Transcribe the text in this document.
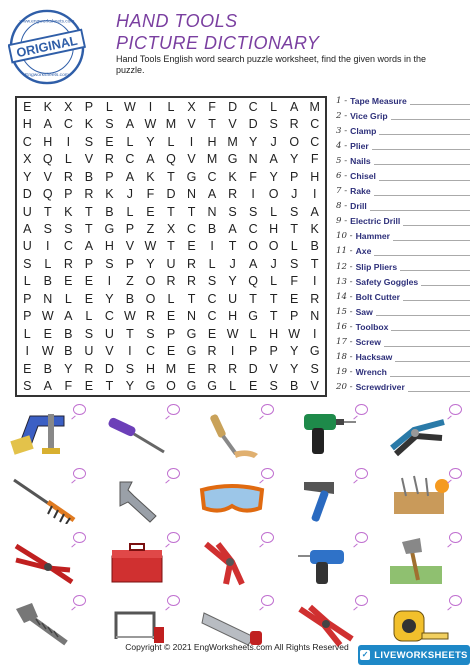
ORIGINAL
www.engworksheets.com
Engworksheets.com
HAND TOOLS
PICTURE DICTIONARY
Hand Tools English word search puzzle worksheet, find the given words in the puzzle.
E K X P	L W	I	L	X	F D C	L	A M
H A C K S A W M V	T	V D S R C
C H	I	S E	L	Y	L	I	H M Y	J	O C
X Q L	V R C A Q V M G N A Y	F
Y V R B P A K	T G C K	F	Y P H
D Q P R K	J	F D N A R	I	O	J	I
U T	K	T	B	L	E	T	T N S S	L	S A
A S S	T G P	Z	X C B A C H T	K
U	I	C A H V W T	E	I	T O O L	B
S	L	R P S P Y U R	L	J	A	J	S	T
L	B E E	I	Z O R R S Y Q L	F	I
P N	L	E Y B O L	T C U T	T	E R
P W A	L	C W R E N C H G T	P N
L	E B S U T	S P G E W L	H W	I
I	W B U V	I	C E G R	I	P P Y G
E B Y R D S H M E R R D V Y S
S A	F	E	T	Y G O G G L	E S B V
1 - Tape Measure
2 - Vice Grip
3 - Clamp
4 - Plier
5 - Nails
6 - Chisel
7 - Rake
8 - Drill
9 - Electric Drill
10 - Hammer
11 - Axe
12 - Slip Pliers
13 - Safety Goggles
14 - Bolt Cutter
15 - Saw
16 - Toolbox
17 - Screw
18 - Hacksaw
19 - Wrench
20 - Screwdriver
Copyright © 2021 EngWorksheets.com All Rights Reserved
✓ LIVEWORKSHEETS
